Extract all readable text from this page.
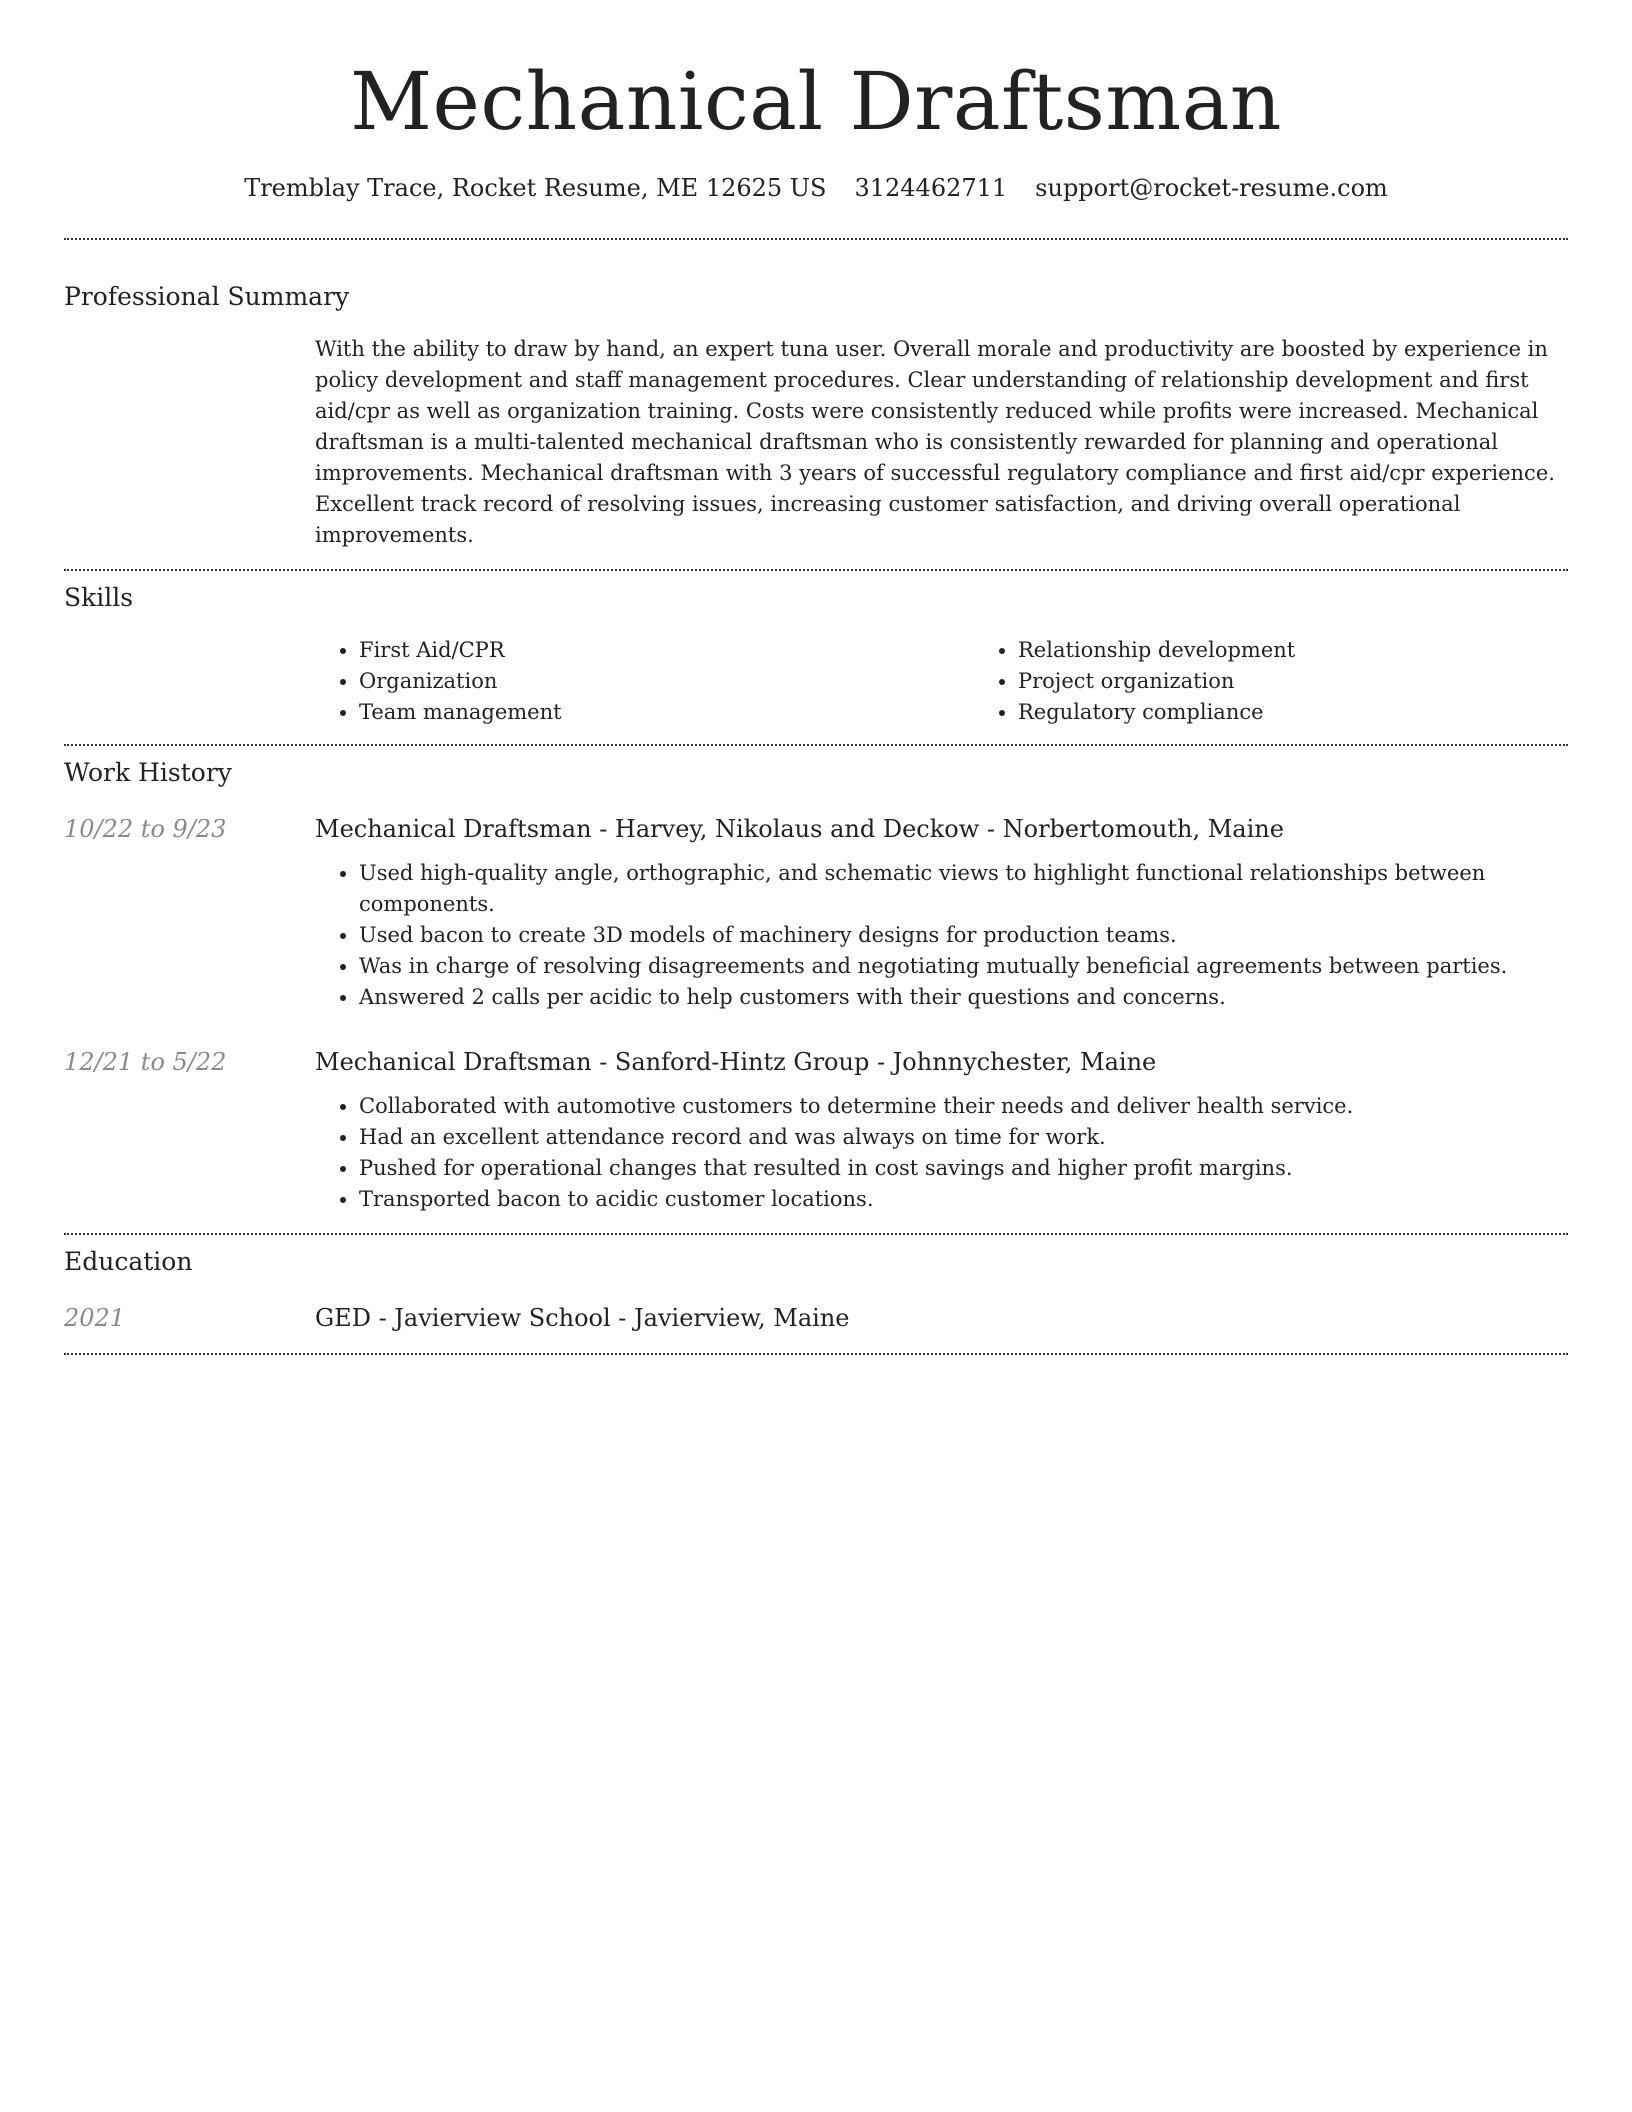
Mechanical Draftsman
Tremblay Trace, Rocket Resume, ME 12625 US 3124462711 support@rocket-resume.com
Professional Summary

With the ability to draw by hand, an expert tuna user. Overall morale and productivity are boosted by experience in policy development and staff management procedures. Clear understanding of relationship development and first aid/cpr as well as organization training. Costs were consistently reduced while profits were increased. Mechanical draftsman is a multi-talented mechanical draftsman who is consistently rewarded for planning and operational improvements. Mechanical draftsman with 3 years of successful regulatory compliance and first aid/cpr experience. Excellent track record of resolving issues, increasing customer satisfaction, and driving overall operational improvements.

Skills
• First Aid/CPR
• Organization
• Team management
• Relationship development
• Project organization
• Regulatory compliance
Work History
10/22 to 9/23	Mechanical Draftsman - Harvey, Nikolaus and Deckow - Norbertomouth, Maine
• Used high-quality angle, orthographic, and schematic views to highlight functional relationships between components.
• Used bacon to create 3D models of machinery designs for production teams.
• Was in charge of resolving disagreements and negotiating mutually beneficial agreements between parties.
• Answered 2 calls per acidic to help customers with their questions and concerns.
12/21 to 5/22	Mechanical Draftsman - Sanford-Hintz Group - Johnnychester, Maine
• Collaborated with automotive customers to determine their needs and deliver health service.
• Had an excellent attendance record and was always on time for work.
• Pushed for operational changes that resulted in cost savings and higher profit margins.
• Transported bacon to acidic customer locations.
Education
2021	GED - Javierview School - Javierview, Maine
